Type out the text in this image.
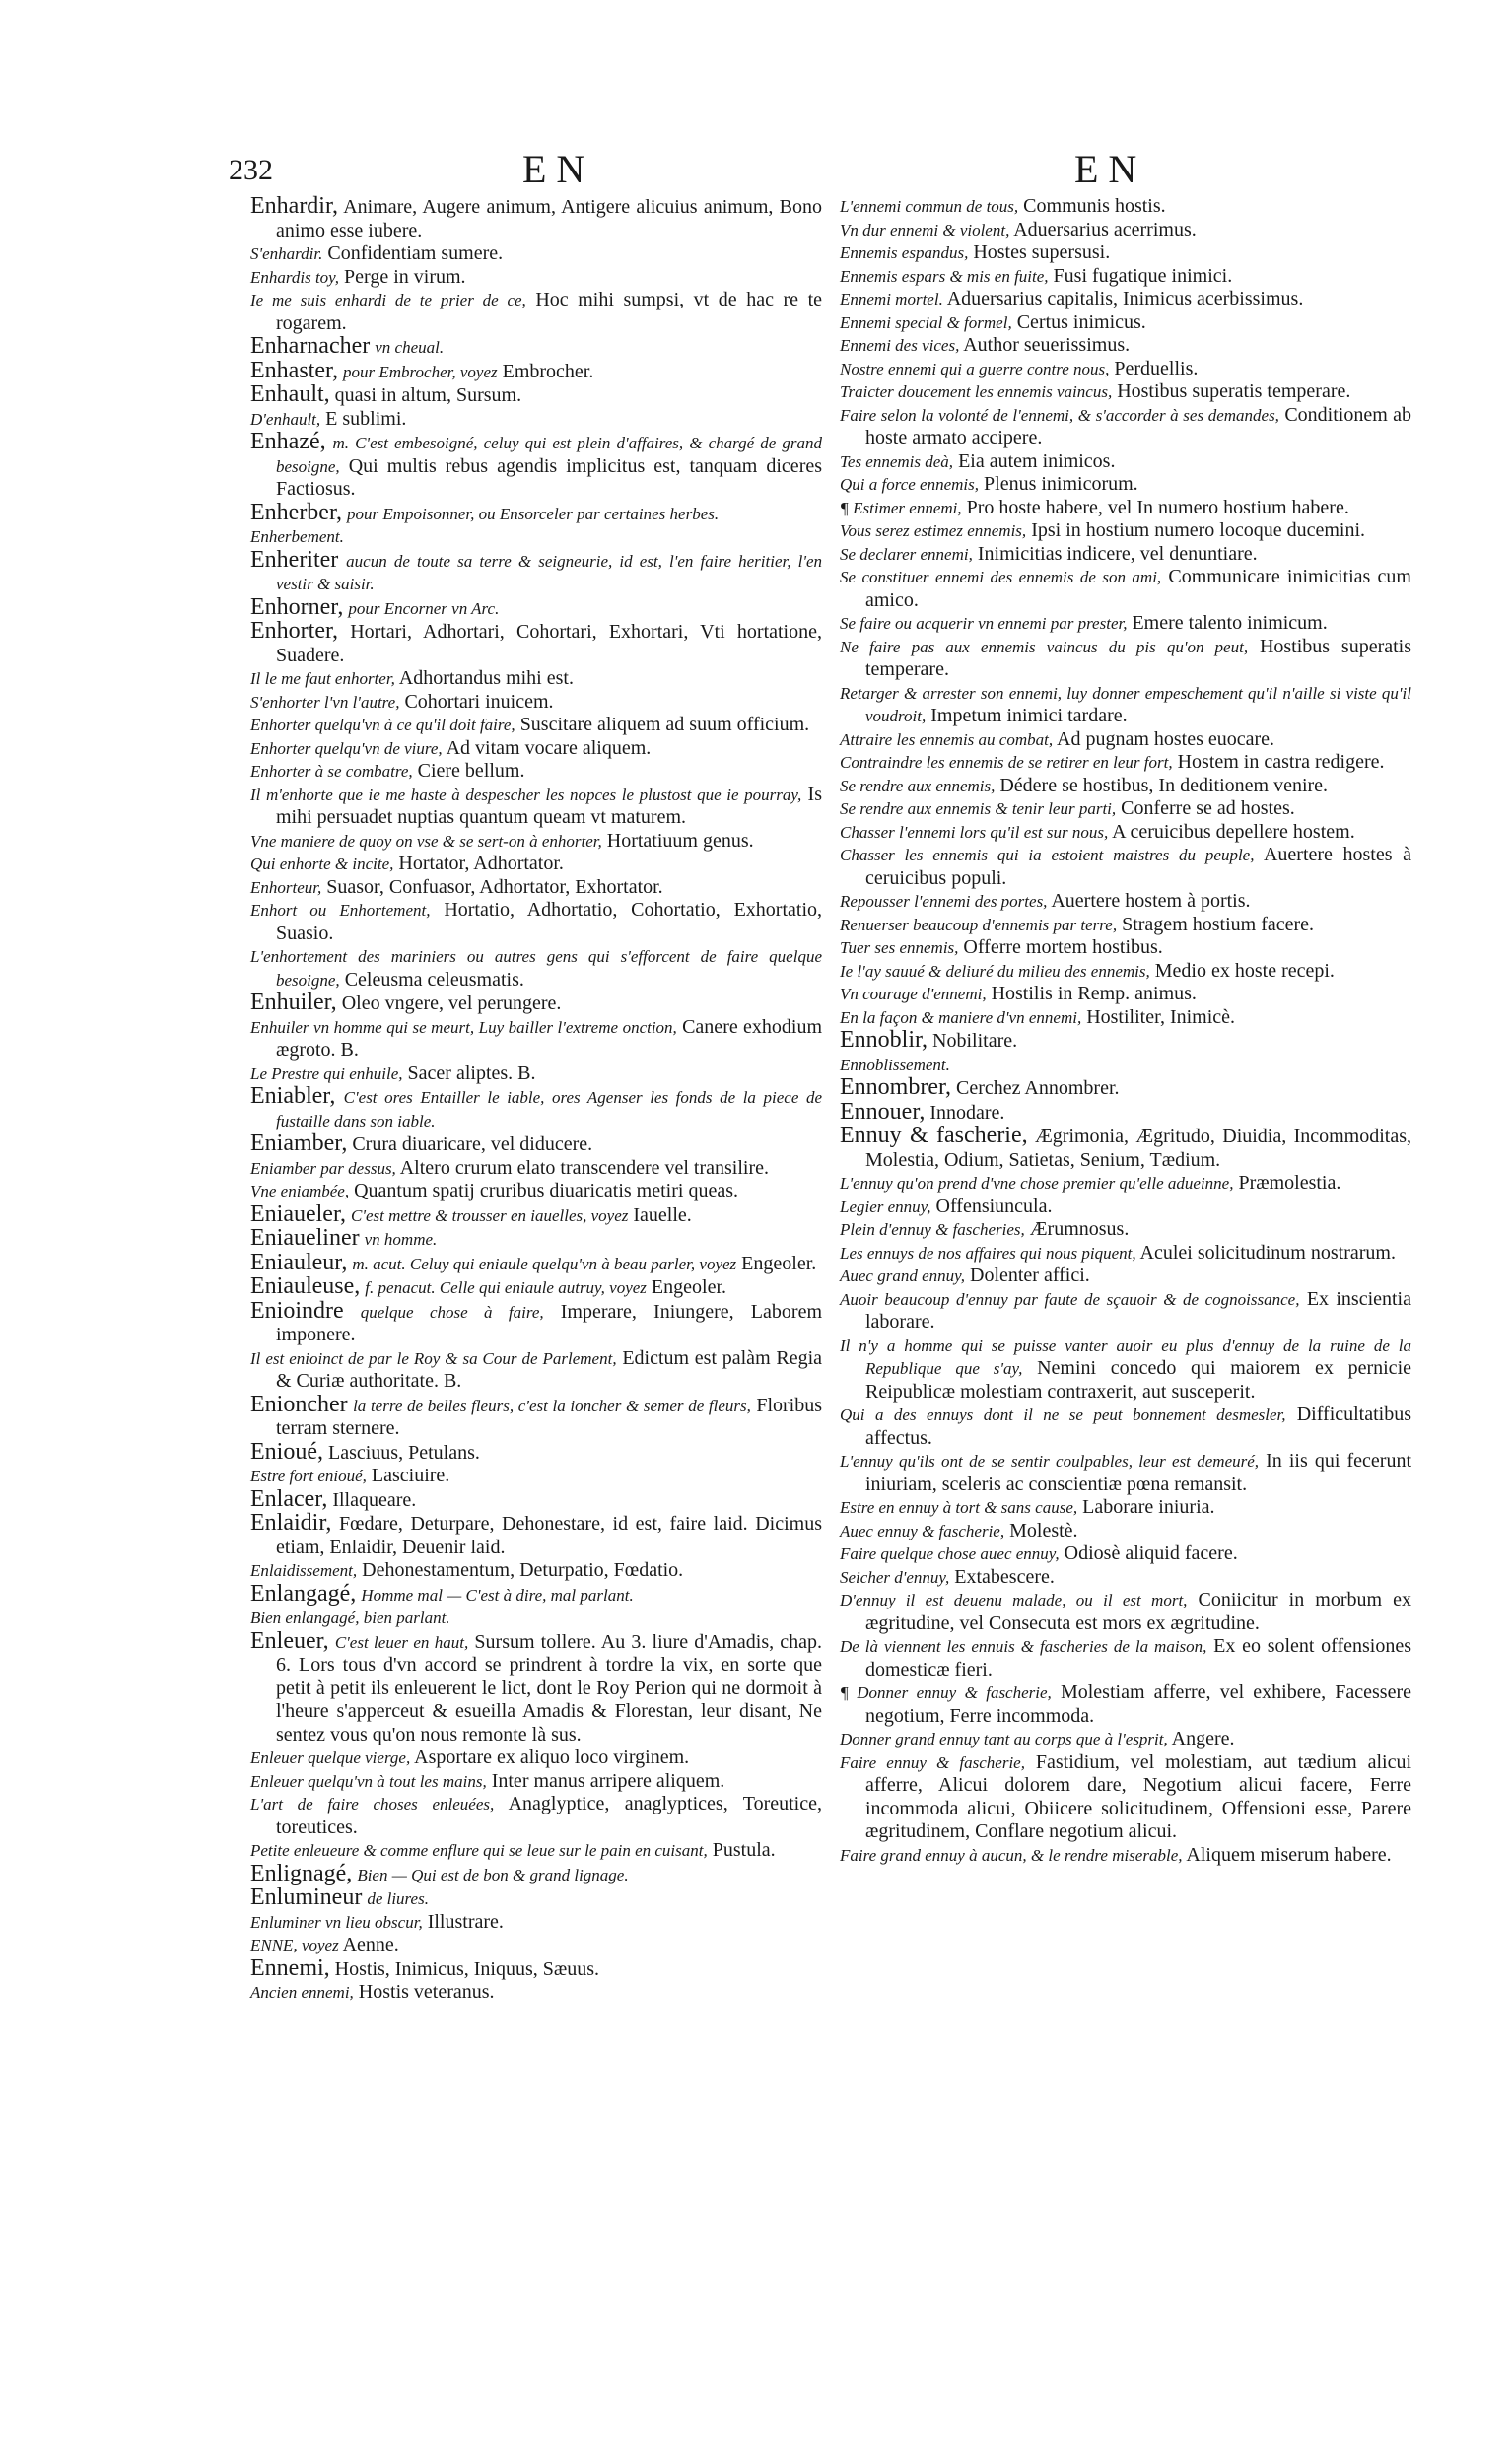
232	EN	EN

Enhardir, Animare, Augere animum, Antigere alicuius animum, Bono animo esse iubere.

S'enhardir. Confidentiam sumere.

Enhardis toy, Perge in virum.

Ie me suis enhardi de te prier de ce, Hoc mihi sumpsi, vt de hac re te rogarem.

Enharnacher vn cheual.

Enhaster, pour Embrocher, voyez Embrocher.

Enhault, quasi in altum, Sursum.

D'enhault, E sublimi.

Enhazé, m. C'est embesoigné, celuy qui est plein d'affaires, & chargé de grand besoigne, Qui multis rebus agendis implicitus est, tanquam diceres Factiosus.

Enherber, pour Empoisonner, ou Ensorceler par certaines herbes.

Enherbement.

Enheriter aucun de toute sa terre & seigneurie, id est, l'en faire heritier, l'en vestir & saisir.

Enhorner, pour Encorner vn Arc.

Enhorter, Hortari, Adhortari, Cohortari, Exhortari, Vti hortatione, Suadere.

Il le me faut enhorter, Adhortandus mihi est.

S'enhorter l'vn l'autre, Cohortari inuicem.

Enhorter quelqu'vn à ce qu'il doit faire, Suscitare aliquem ad suum officium.

Enhorter quelqu'vn de viure, Ad vitam vocare aliquem.

Enhorter à se combatre, Ciere bellum.

Il m'enhorte que ie me haste à despescher les nopces le plustost que ie pourray, Is mihi persuadet nuptias quantum queam vt maturem.

Vne maniere de quoy on vse & se sert-on à enhorter, Hortatiuum genus.

Qui enhorte & incite, Hortator, Adhortator.

Enhorteur, Suasor, Confuasor, Adhortator, Exhortator.

Enhort ou Enhortement, Hortatio, Adhortatio, Cohortatio, Exhortatio, Suasio.

L'enhortement des mariniers ou autres gens qui s'efforcent de faire quelque besoigne, Celeusma celeusmatis.

Enhuiler, Oleo vngere, vel perungere.

Enhuiler vn homme qui se meurt, Luy bailler l'extreme onction, Canere exhodium ægroto. B.

Le Prestre qui enhuile, Sacer aliptes. B.

Eniabler, C'est ores Entailler le iable, ores Agenser les fonds de la piece de fustaille dans son iable.

Eniamber, Crura diuaricare, vel diducere.

Eniamber par dessus, Altero crurum elato transcendere vel transilire.

Vne eniambée, Quantum spatij cruribus diuaricatis metiri queas.

Eniaueler, C'est mettre & trousser en iauelles, voyez Iauelle.

Eniaueliner vn homme.

Eniauleur, m. acut. Celuy qui eniaule quelqu'vn à beau parler, voyez Engeoler.

Eniauleuse, f. penacut. Celle qui eniaule autruy, voyez Engeoler.

Enioindre quelque chose à faire, Imperare, Iniungere, Laborem imponere.

Il est enioinct de par le Roy & sa Cour de Parlement, Edictum est palàm Regia & Curiæ authoritate. B.

Enioncher la terre de belles fleurs, c'est la ioncher & semer de fleurs, Floribus terram sternere.

Enioué, Lasciuus, Petulans.

Estre fort enioué, Lasciuire.

Enlacer, Illaqueare.

Enlaidir, Fœdare, Deturpare, Dehonestare, id est, faire laid. Dicimus etiam, Enlaidir, Deuenir laid.

Enlaidissement, Dehonestamentum, Deturpatio, Fœdatio.

Enlangagé, Homme mal — C'est à dire, mal parlant.

Bien enlangagé, bien parlant.

Enleuer, C'est leuer en haut, Sursum tollere. Au 3. liure d'Amadis, chap. 6. Lors tous d'vn accord se prindrent à tordre la vix, en sorte que petit à petit ils enleuerent le lict, dont le Roy Perion qui ne dormoit à l'heure s'apperceut & esueilla Amadis & Florestan, leur disant, Ne sentez vous qu'on nous remonte là sus.

Enleuer quelque vierge, Asportare ex aliquo loco virginem.

Enleuer quelqu'vn à tout les mains, Inter manus arripere aliquem.

L'art de faire choses enleuées, Anaglyptice, anaglyptices, Toreutice, toreutices.

Petite enleueure & comme enflure qui se leue sur le pain en cuisant, Pustula.

Enlignagé, Bien — Qui est de bon & grand lignage.

Enlumineur de liures.

Enluminer vn lieu obscur, Illustrare.

ENNE, voyez Aenne.

Ennemi, Hostis, Inimicus, Iniquus, Sæuus.

Ancien ennemi, Hostis veteranus.

L'ennemi commun de tous, Communis hostis.

Vn dur ennemi & violent, Aduersarius acerrimus.

Ennemis espandus, Hostes supersusi.

Ennemis espars & mis en fuite, Fusi fugatique inimici.

Ennemi mortel. Aduersarius capitalis, Inimicus acerbissimus.

Ennemi special & formel, Certus inimicus.

Ennemi des vices, Author seuerissimus.

Nostre ennemi qui a guerre contre nous, Perduellis.

Traicter doucement les ennemis vaincus, Hostibus superatis temperare.

Faire selon la volonté de l'ennemi, & s'accorder à ses demandes, Conditionem ab hoste armato accipere.

Tes ennemis deà, Eia autem inimicos.

Qui a force ennemis, Plenus inimicorum.

¶ Estimer ennemi, Pro hoste habere, vel In numero hostium habere.

Vous serez estimez ennemis, Ipsi in hostium numero locoque ducemini.

Se declarer ennemi, Inimicitias indicere, vel denuntiare.

Se constituer ennemi des ennemis de son ami, Communicare inimicitias cum amico.

Se faire ou acquerir vn ennemi par prester, Emere talento inimicum.

Ne faire pas aux ennemis vaincus du pis qu'on peut, Hostibus superatis temperare.

Retarger & arrester son ennemi, luy donner empeschement qu'il n'aille si viste qu'il voudroit, Impetum inimici tardare.

Attraire les ennemis au combat, Ad pugnam hostes euocare.

Contraindre les ennemis de se retirer en leur fort, Hostem in castra redigere.

Se rendre aux ennemis, Dédere se hostibus, In deditionem venire.

Se rendre aux ennemis & tenir leur parti, Conferre se ad hostes.

Chasser l'ennemi lors qu'il est sur nous, A ceruicibus depellere hostem.

Chasser les ennemis qui ia estoient maistres du peuple, Auertere hostes à ceruicibus populi.

Repousser l'ennemi des portes, Auertere hostem à portis.

Renuerser beaucoup d'ennemis par terre, Stragem hostium facere.

Tuer ses ennemis, Offerre mortem hostibus.

Ie l'ay sauué & deliuré du milieu des ennemis, Medio ex hoste recepi.

Vn courage d'ennemi, Hostilis in Remp. animus.

En la façon & maniere d'vn ennemi, Hostiliter, Inimicè.

Ennoblir, Nobilitare.

Ennoblissement.

Ennombrer, Cerchez Annombrer.

Ennouer, Innodare.

Ennuy & fascherie, Ægrimonia, Ægritudo, Diuidia, Incommoditas, Molestia, Odium, Satietas, Senium, Tædium.

L'ennuy qu'on prend d'vne chose premier qu'elle adueinne, Præmolestia.

Legier ennuy, Offensiuncula.

Plein d'ennuy & fascheries, Ærumnosus.

Les ennuys de nos affaires qui nous piquent, Aculei solicitudinum nostrarum.

Auec grand ennuy, Dolenter affici.

Auoir beaucoup d'ennuy par faute de sçauoir & de cognoissance, Ex inscientia laborare.

Il n'y a homme qui se puisse vanter auoir eu plus d'ennuy de la ruine de la Republique que s'ay, Nemini concedo qui maiorem ex pernicie Reipublicæ molestiam contraxerit, aut susceperit.

Qui a des ennuys dont il ne se peut bonnement desmesler, Difficultatibus affectus.

L'ennuy qu'ils ont de se sentir coulpables, leur est demeuré, In iis qui fecerunt iniuriam, sceleris ac conscientiæ pœna remansit.

Estre en ennuy à tort & sans cause, Laborare iniuria.

Auec ennuy & fascherie, Molestè.

Faire quelque chose auec ennuy, Odiosè aliquid facere.

Seicher d'ennuy, Extabescere.

D'ennuy il est deuenu malade, ou il est mort, Coniicitur in morbum ex ægritudine, vel Consecuta est mors ex ægritudine.

De là viennent les ennuis & fascheries de la maison, Ex eo solent offensiones domesticæ fieri.

¶ Donner ennuy & fascherie, Molestiam afferre, vel exhibere, Facessere negotium, Ferre incommoda.

Donner grand ennuy tant au corps que à l'esprit, Angere.

Faire ennuy & fascherie, Fastidium, vel molestiam, aut tædium alicui afferre, Alicui dolorem dare, Negotium alicui facere, Ferre incommoda alicui, Obiicere solicitudinem, Offensioni esse, Parere ægritudinem, Conflare negotium alicui.

Faire grand ennuy à aucun, & le rendre miserable, Aliquem miserum habere.
